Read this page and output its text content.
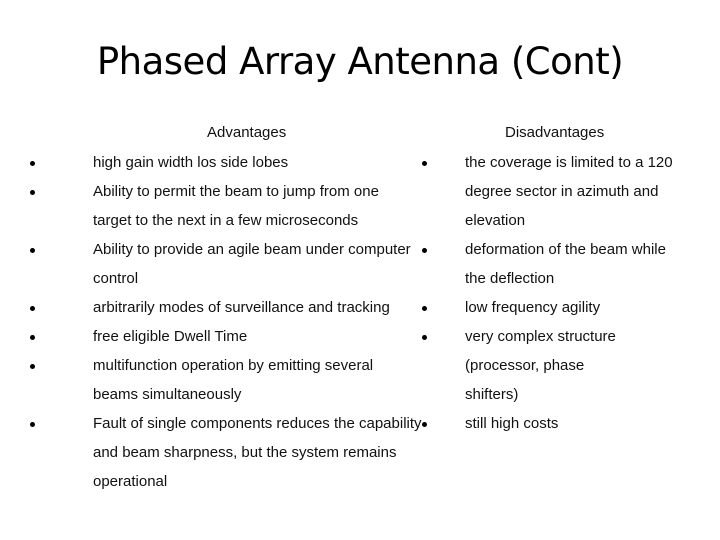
Phased Array Antenna (Cont)
Advantages	Disadvantages
high gain width los side lobes
Ability to permit the beam to jump from one target to the next in a few microseconds
Ability to provide an agile beam under computer control
arbitrarily modes of surveillance and tracking
free eligible Dwell Time
multifunction operation by emitting several beams simultaneously
Fault of single components reduces the capability and beam sharpness, but the system remains operational
the coverage is limited to a 120 degree sector in azimuth and elevation
deformation of the beam while the deflection
low frequency agility
very complex structure (processor, phase shifters)
still high costs
